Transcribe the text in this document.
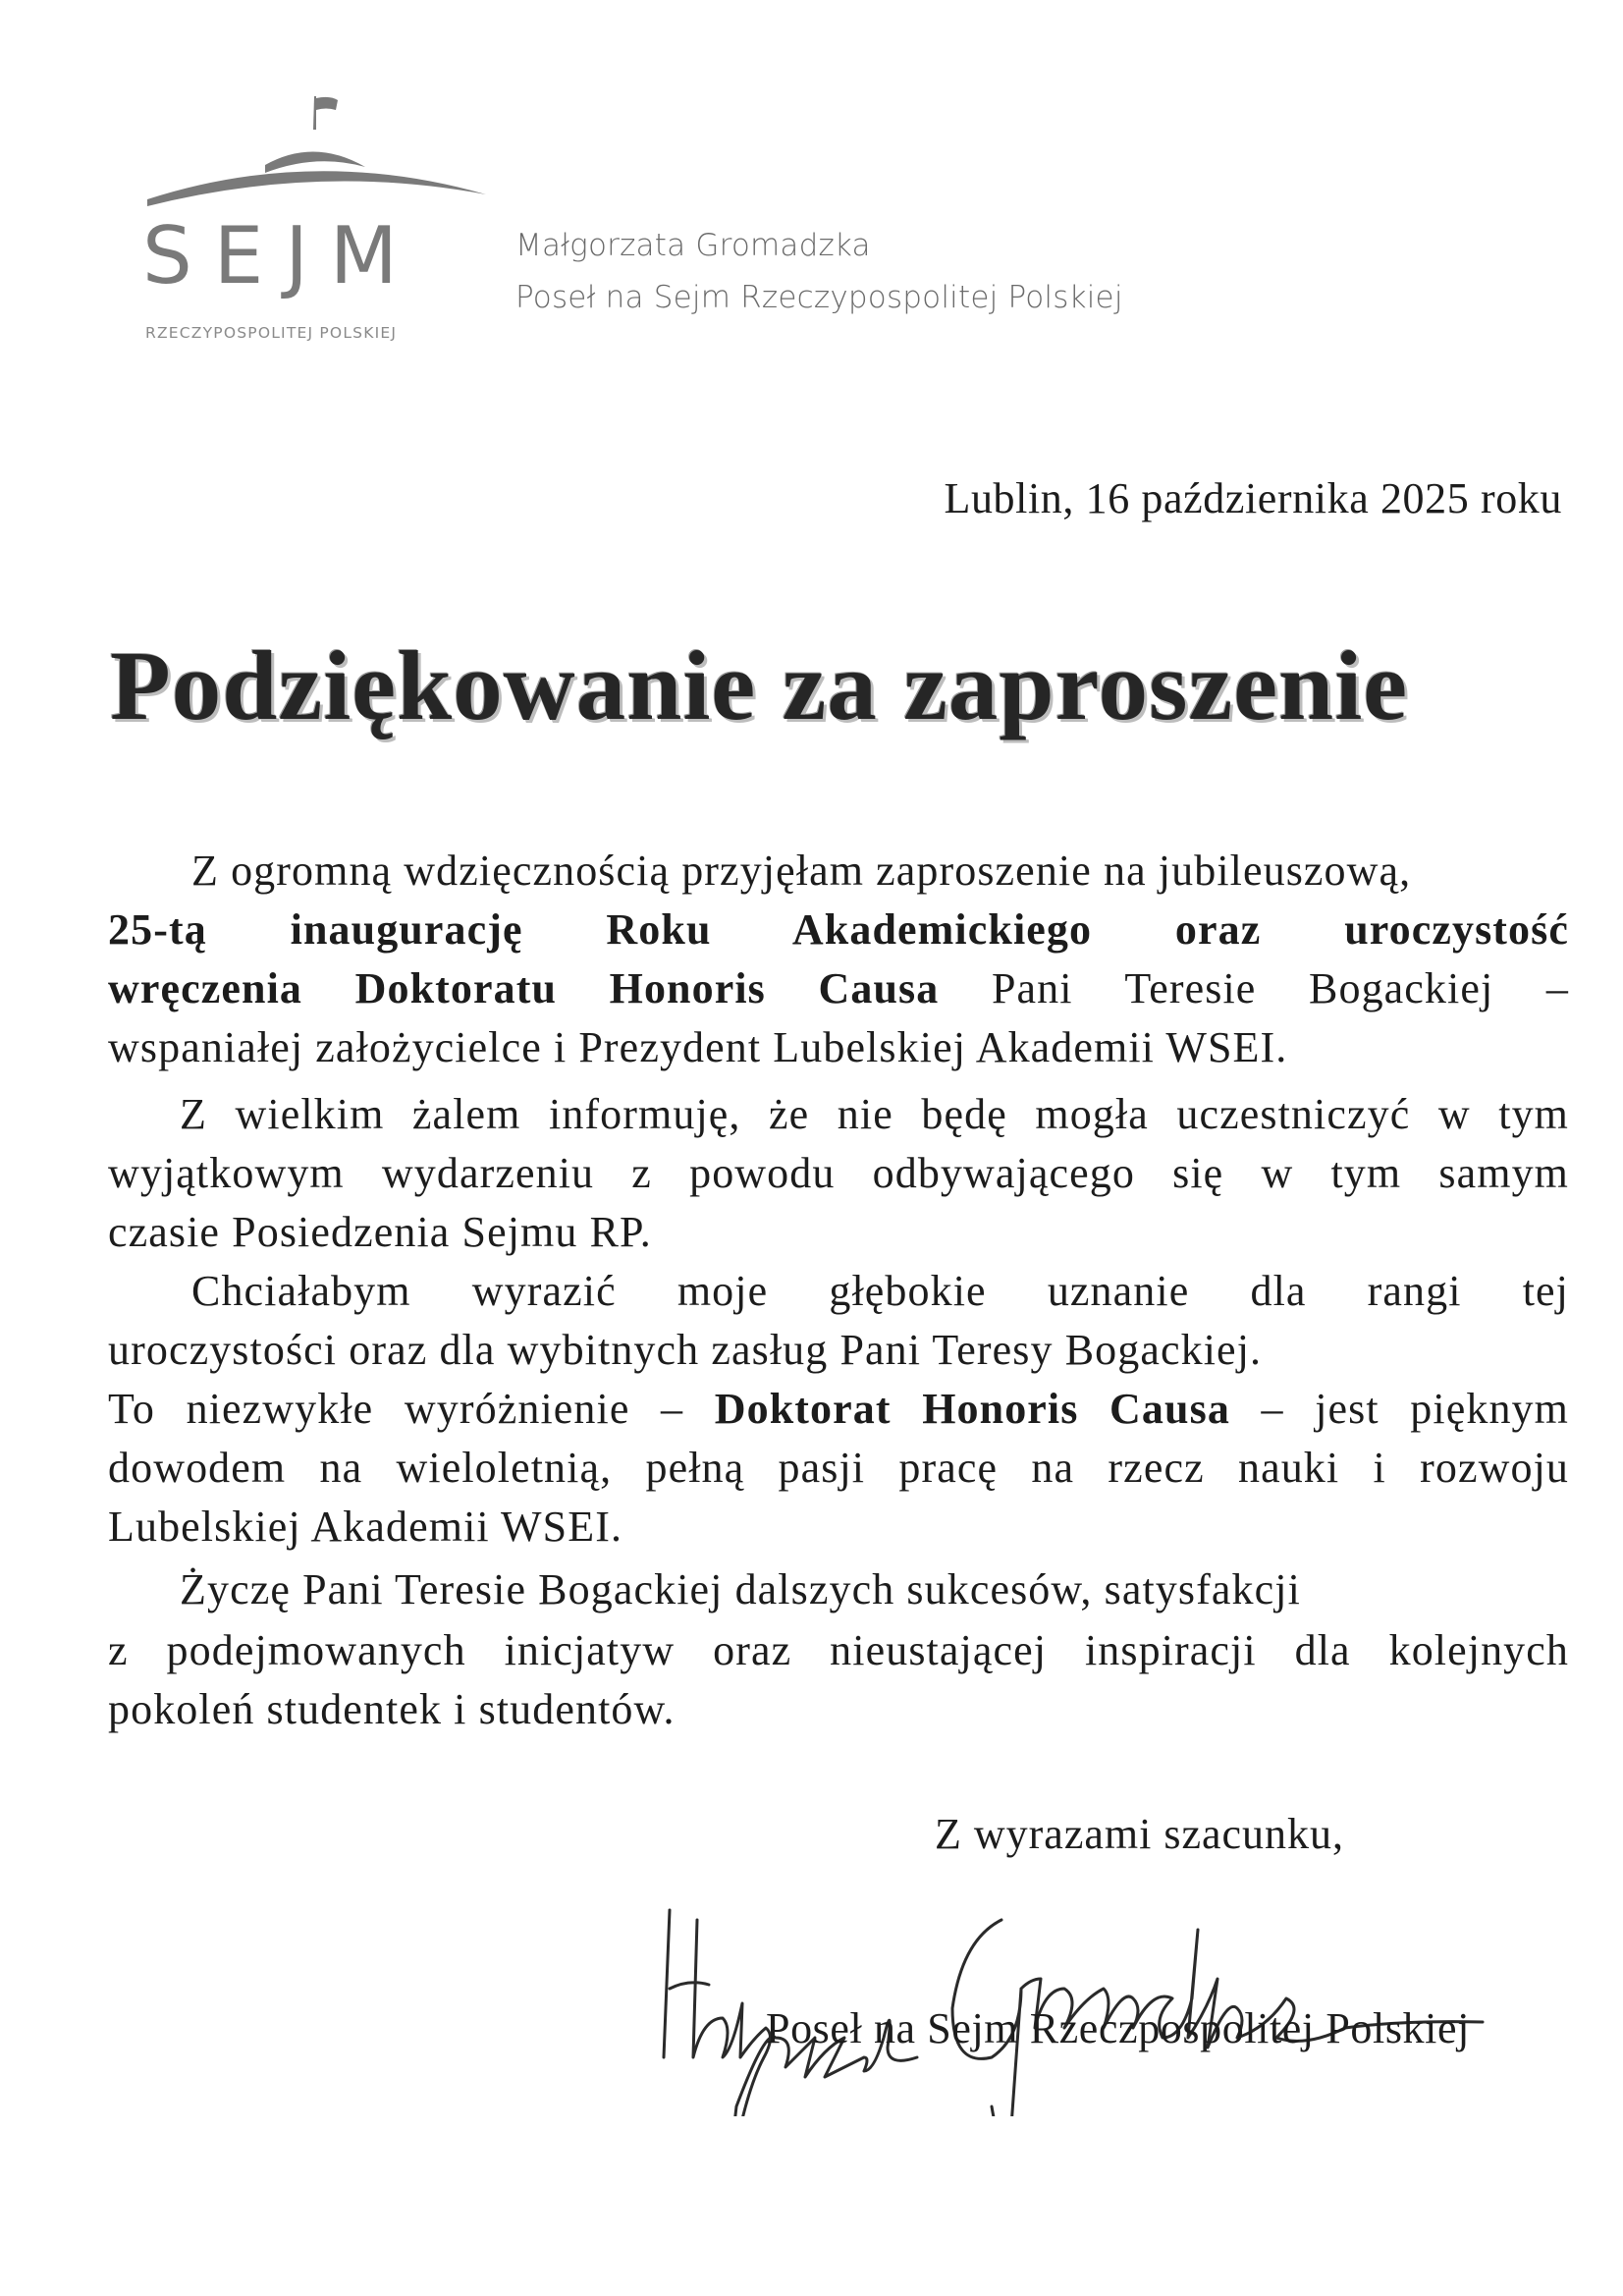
SEJM
RZECZYPOSPOLITEJ POLSKIEJ
Małgorzata Gromadzka
Poseł na Sejm Rzeczypospolitej Polskiej
Lublin, 16 października 2025 roku
Podziękowanie za zaproszenie
Z ogromną wdzięcznością przyjęłam zaproszenie na jubileuszową,
25-tą inaugurację Roku Akademickiego oraz uroczystość
wręczenia Doktoratu Honoris Causa Pani Teresie Bogackiej –
wspaniałej założycielce i Prezydent Lubelskiej Akademii WSEI.
Z wielkim żalem informuję, że nie będę mogła uczestniczyć w tym
wyjątkowym wydarzeniu z powodu odbywającego się w tym samym
czasie Posiedzenia Sejmu RP.
Chciałabym wyrazić moje głębokie uznanie dla rangi tej
uroczystości oraz dla wybitnych zasług Pani Teresy Bogackiej.
To niezwykłe wyróżnienie – Doktorat Honoris Causa – jest pięknym
dowodem na wieloletnią, pełną pasji pracę na rzecz nauki i rozwoju
Lubelskiej Akademii WSEI.
Życzę Pani Teresie Bogackiej dalszych sukcesów, satysfakcji
z podejmowanych inicjatyw oraz nieustającej inspiracji dla kolejnych
pokoleń studentek i studentów.
Z wyrazami szacunku,
Poseł na Sejm Rzeczpospolitej Polskiej
